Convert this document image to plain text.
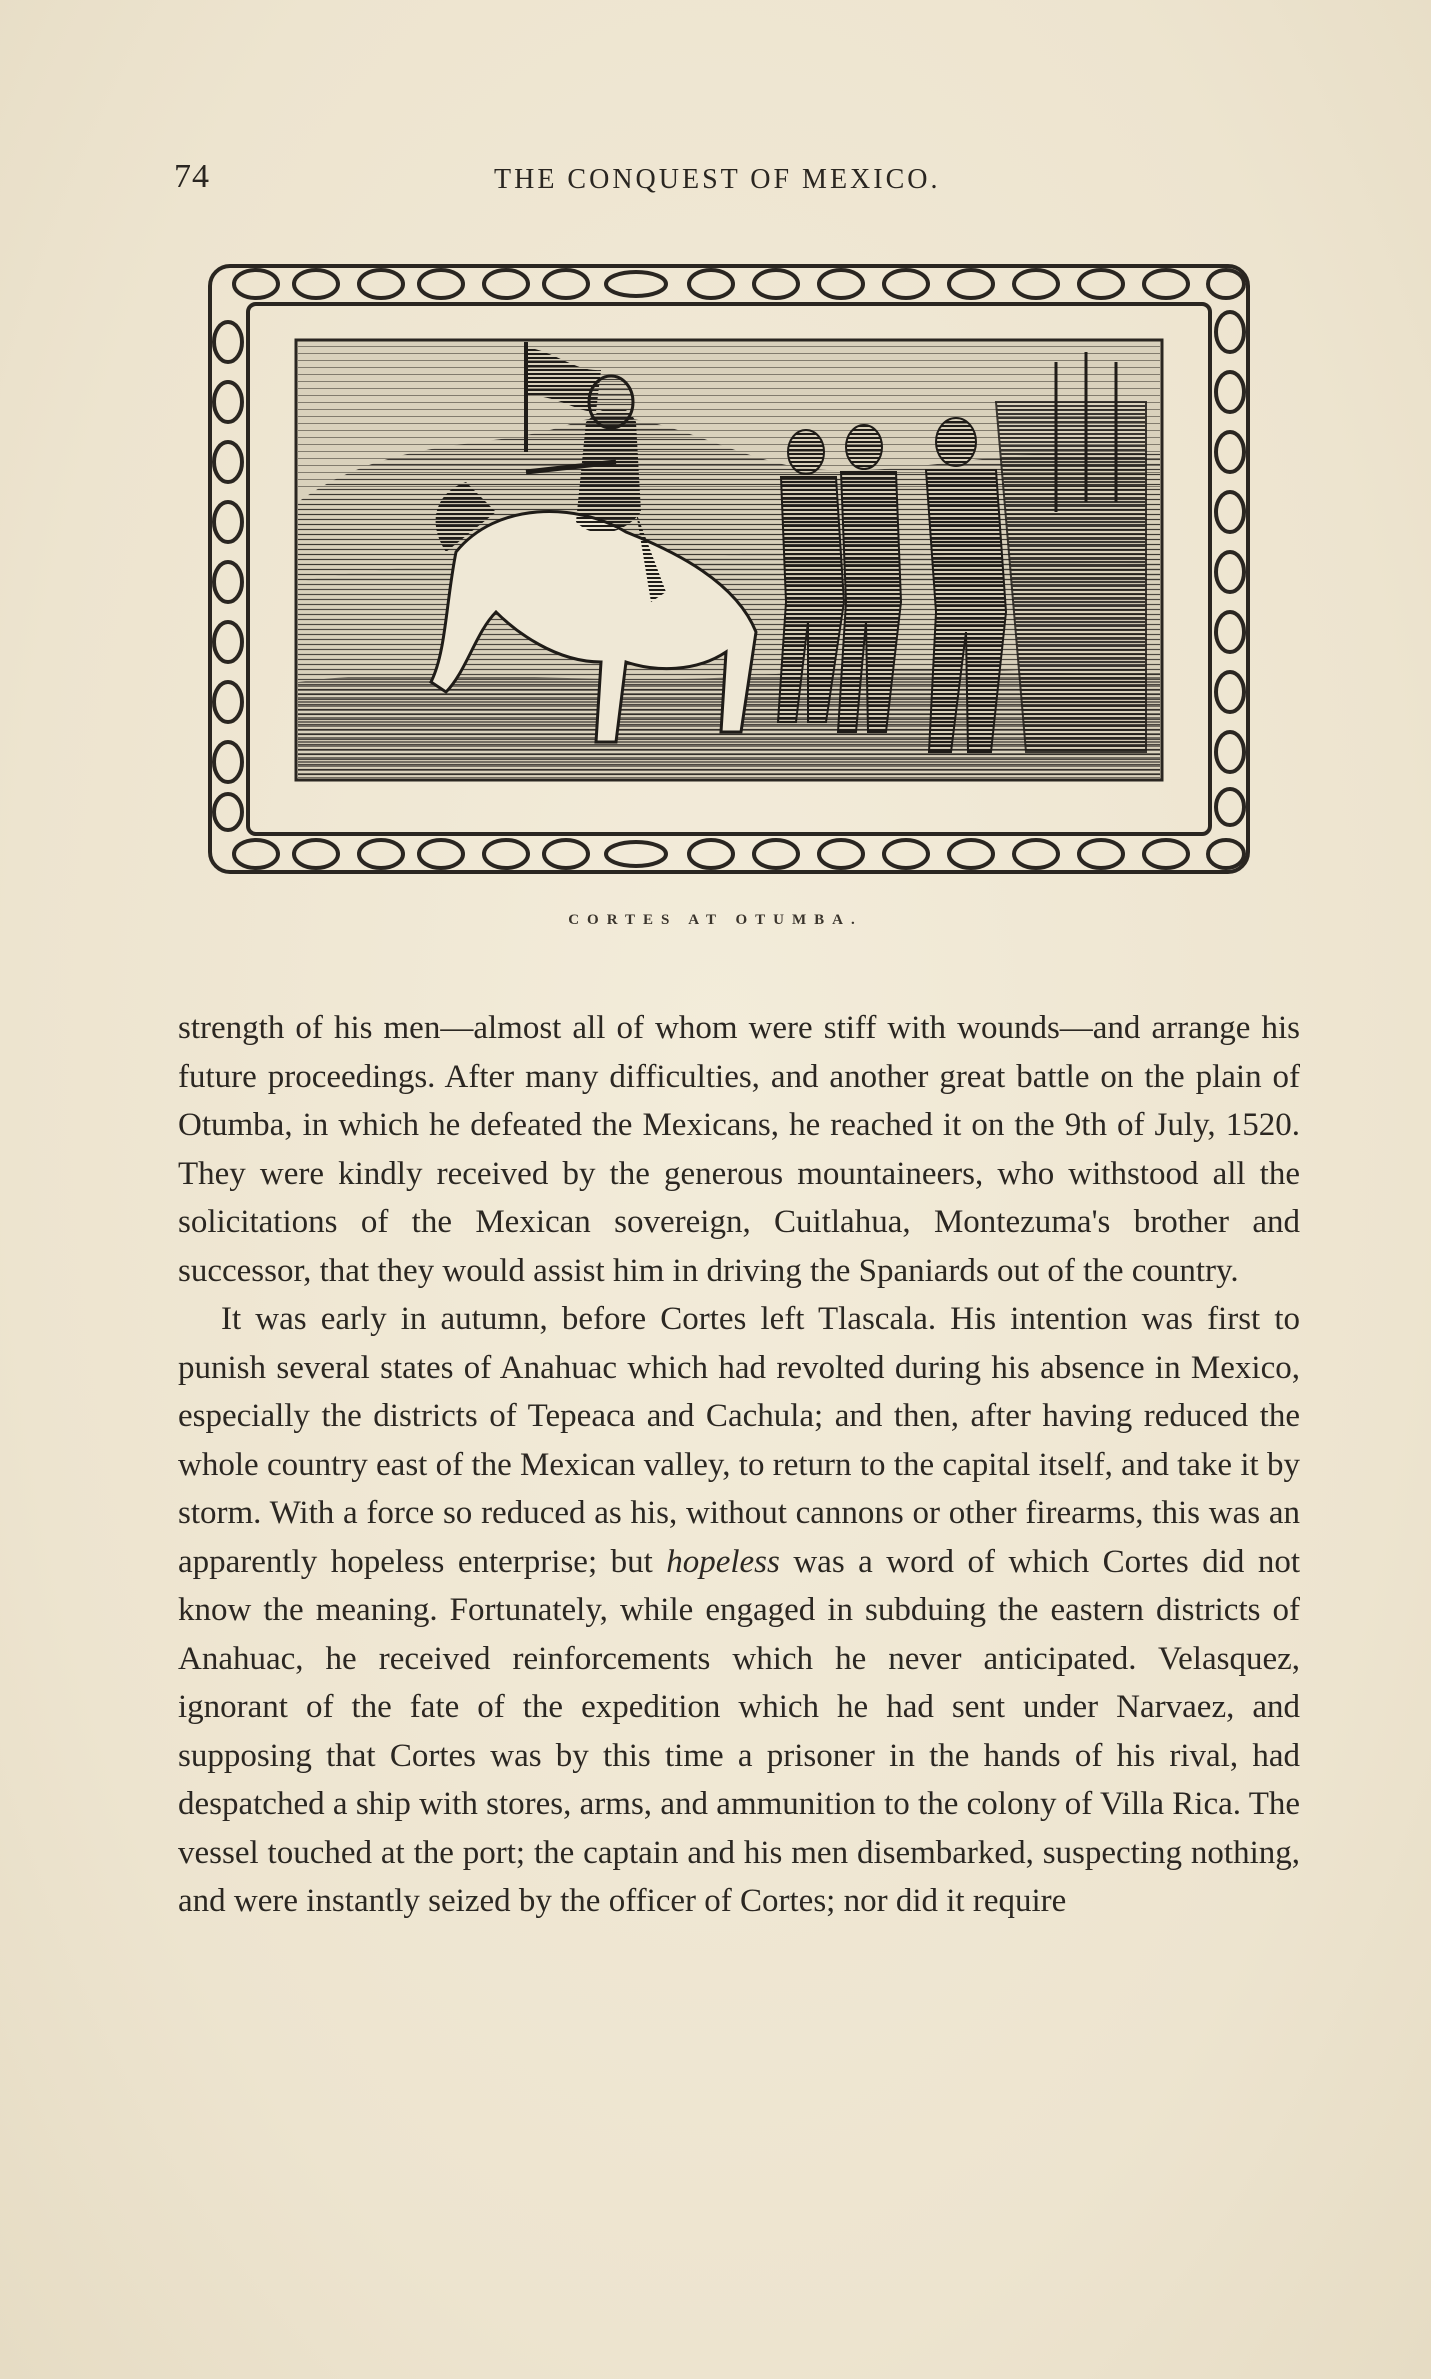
74	THE CONQUEST OF MEXICO.
CORTES AT OTUMBA.

strength of his men—almost all of whom were stiff with wounds—and arrange his future proceedings. After many difficulties, and another great battle on the plain of Otumba, in which he defeated the Mexicans, he reached it on the 9th of July, 1520. They were kindly received by the generous mountaineers, who withstood all the solicitations of the Mexican sovereign, Cuitlahua, Montezuma's brother and successor, that they would assist him in driving the Spaniards out of the country.

It was early in autumn, before Cortes left Tlascala. His intention was first to punish several states of Anahuac which had revolted during his absence in Mexico, especially the districts of Tepeaca and Cachula; and then, after having reduced the whole country east of the Mexican valley, to return to the capital itself, and take it by storm. With a force so reduced as his, without cannons or other firearms, this was an apparently hopeless enterprise; but hopeless was a word of which Cortes did not know the meaning. Fortunately, while engaged in subduing the eastern districts of Anahuac, he received reinforcements which he never anticipated. Velasquez, ignorant of the fate of the expedition which he had sent under Narvaez, and supposing that Cortes was by this time a prisoner in the hands of his rival, had despatched a ship with stores, arms, and ammunition to the colony of Villa Rica. The vessel touched at the port; the captain and his men disembarked, suspecting nothing, and were instantly seized by the officer of Cortes; nor did it require
